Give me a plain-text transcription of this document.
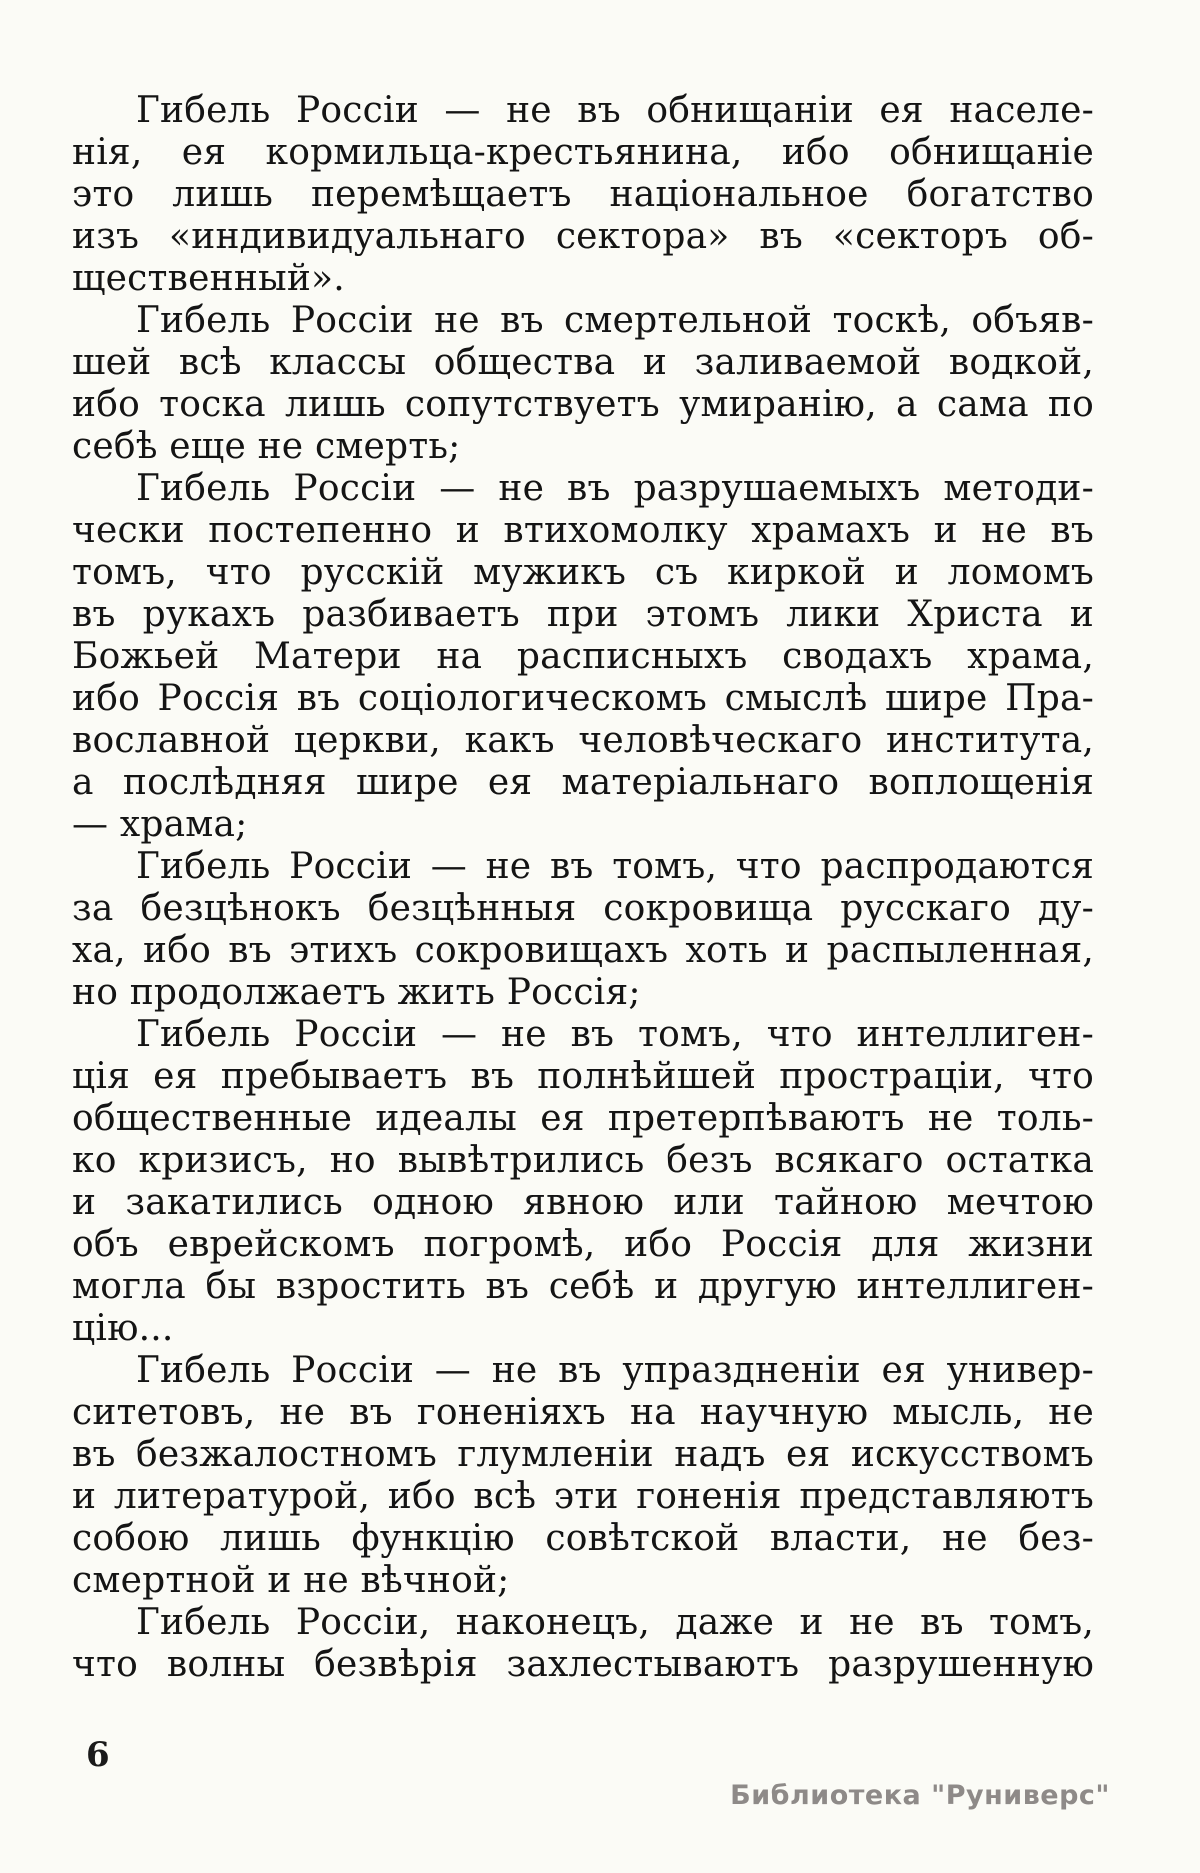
Гибель Россіи — не въ обнищаніи ея населе-
нія, ея кормильца-крестьянина, ибо обнищаніе
это лишь перемѣщаетъ національное богатство
изъ «индивидуальнаго сектора» въ «секторъ об-
щественный».
Гибель Россіи не въ смертельной тоскѣ, объяв-
шей всѣ классы общества и заливаемой водкой,
ибо тоска лишь сопутствуетъ умиранію, а сама по
себѣ еще не смерть;
Гибель Россіи — не въ разрушаемыхъ методи-
чески постепенно и втихомолку храмахъ и не въ
томъ, что русскій мужикъ съ киркой и ломомъ
въ рукахъ разбиваетъ при этомъ лики Христа и
Божьей Матери на расписныхъ сводахъ храма,
ибо Россія въ соціологическомъ смыслѣ шире Пра-
вославной церкви, какъ человѣческаго института,
а послѣдняя шире ея матеріальнаго воплощенія
— храма;
Гибель Россіи — не въ томъ, что распродаются
за безцѣнокъ безцѣнныя сокровища русскаго ду-
ха, ибо въ этихъ сокровищахъ хоть и распыленная,
но продолжаетъ жить Россія;
Гибель Россіи — не въ томъ, что интеллиген-
ція ея пребываетъ въ полнѣйшей простраціи, что
общественные идеалы ея претерпѣваютъ не толь-
ко кризисъ, но вывѣтрились безъ всякаго остатка
и закатились одною явною или тайною мечтою
объ еврейскомъ погромѣ, ибо Россія для жизни
могла бы взростить въ себѣ и другую интеллиген-
цію...
Гибель Россіи — не въ упраздненіи ея универ-
ситетовъ, не въ гоненіяхъ на научную мысль, не
въ безжалостномъ глумленіи надъ ея искусствомъ
и литературой, ибо всѣ эти гоненія представляютъ
собою лишь функцію совѣтской власти, не без-
смертной и не вѣчной;
Гибель Россіи, наконецъ, даже и не въ томъ,
что волны безвѣрія захлестываютъ разрушенную
6
Библиотека "Руниверс"
